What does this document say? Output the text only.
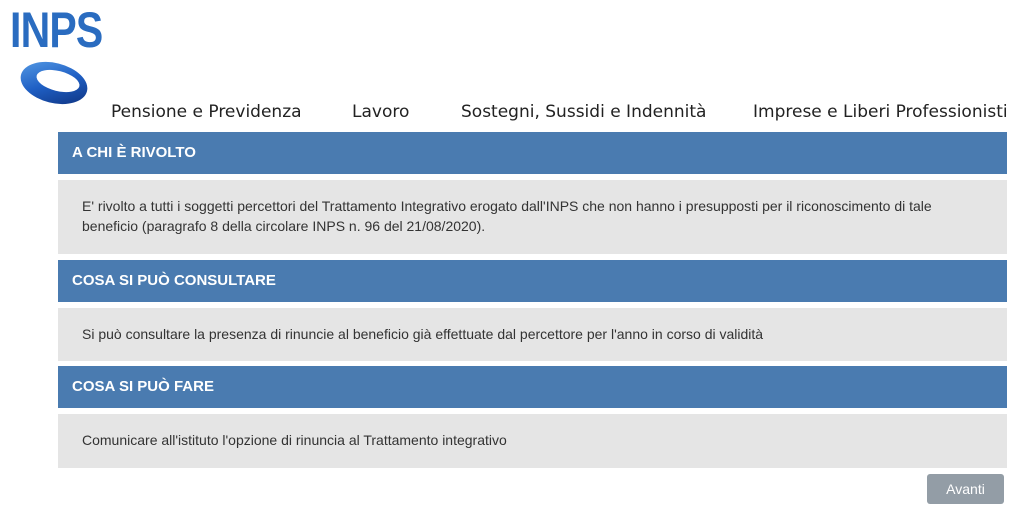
INPS
Pensione e Previdenza	Lavoro	Sostegni, Sussidi e Indennità	Imprese e Liberi Professionisti
A CHI È RIVOLTO
E' rivolto a tutti i soggetti percettori del Trattamento Integrativo erogato dall'INPS che non hanno i presupposti per il riconoscimento di tale beneficio (paragrafo 8 della circolare INPS n. 96 del 21/08/2020).
COSA SI PUÒ CONSULTARE
Si può consultare la presenza di rinuncie al beneficio già effettuate dal percettore per l'anno in corso di validità
COSA SI PUÒ FARE
Comunicare all'istituto l'opzione di rinuncia al Trattamento integrativo
Avanti
